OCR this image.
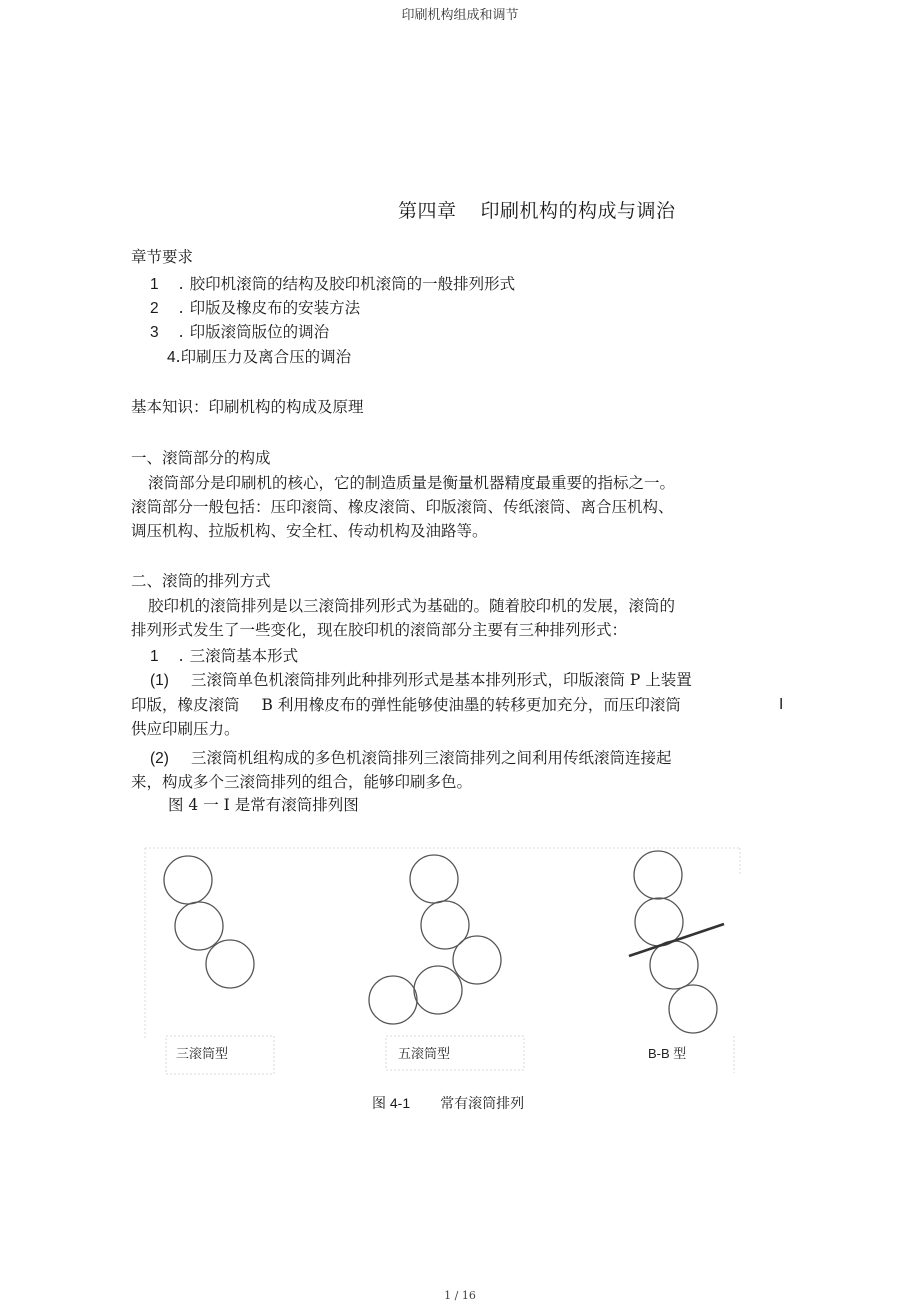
印刷机构组成和调节
第四章 印刷机构的构成与调治
章节要求
1 . 胶印机滚筒的结构及胶印机滚筒的一般排列形式
2 . 印版及橡皮布的安装方法
3 . 印版滚筒版位的调治
4.印刷压力及离合压的调治
基本知识：印刷机构的构成及原理
一、滚筒部分的构成
滚筒部分是印刷机的核心，它的制造质量是衡量机器精度最重要的指标之一。
滚筒部分一般包括：压印滚筒、橡皮滚筒、印版滚筒、传纸滚筒、离合压机构、
调压机构、拉版机构、安全杠、传动机构及油路等。
二、滚筒的排列方式
胶印机的滚筒排列是以三滚筒排列形式为基础的。随着胶印机的发展，滚筒的
排列形式发生了一些变化，现在胶印机的滚筒部分主要有三种排列形式：
1 . 三滚筒基本形式
(1) 三滚筒单色机滚筒排列此种排列形式是基本排列形式，印版滚筒 P 上装置
印版，橡皮滚筒 B 利用橡皮布的弹性能够使油墨的转移更加充分，而压印滚筒	I
供应印刷压力。
(2) 三滚筒机组构成的多色机滚筒排列三滚筒排列之间利用传纸滚筒连接起
来，构成多个三滚筒排列的组合，能够印刷多色。
图 4 一 I 是常有滚筒排列图
三滚筒型	五滚筒型	B-B 型
图 4-1 常有滚筒排列
1 / 16
